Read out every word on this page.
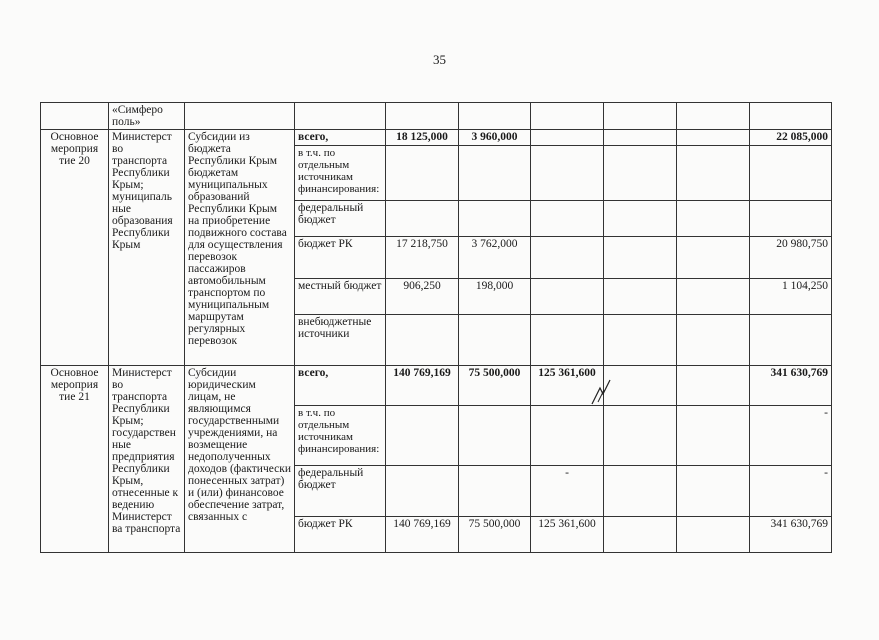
35
	«Симферо поль»								
Основное мероприя тие 20	Министерст во транспорта Республики Крым; муниципаль ные образования Республики Крым	Субсидии из бюджета Республики Крым бюджетам муниципальных образований Республики Крым на приобретение подвижного состава для осуществления перевозок пассажиров автомобильным транспортом по муниципальным маршрутам регулярных перевозок	всего,	18 125,000	3 960,000				22 085,000
			в т.ч. по отдельным источникам финансирования:						
			федеральный бюджет						
			бюджет РК	17 218,750	3 762,000				20 980,750
			местный бюджет	906,250	198,000				1 104,250
			внебюджетные источники						
Основное мероприя тие 21	Министерст во транспорта Республики Крым; государствен ные предприятия Республики Крым, отнесенные к ведению Министерст ва транспорта	Субсидии юридическим лицам, не являющимся государственными учреждениями, на возмещение недополученных доходов (фактически понесенных затрат) и (или) финансовое обеспечение затрат, связанных с	всего,	140 769,169	75 500,000	125 361,600			341 630,769
			в т.ч. по отдельным источникам финансирования:						-
			федеральный бюджет			-			-
			бюджет РК	140 769,169	75 500,000	125 361,600			341 630,769
